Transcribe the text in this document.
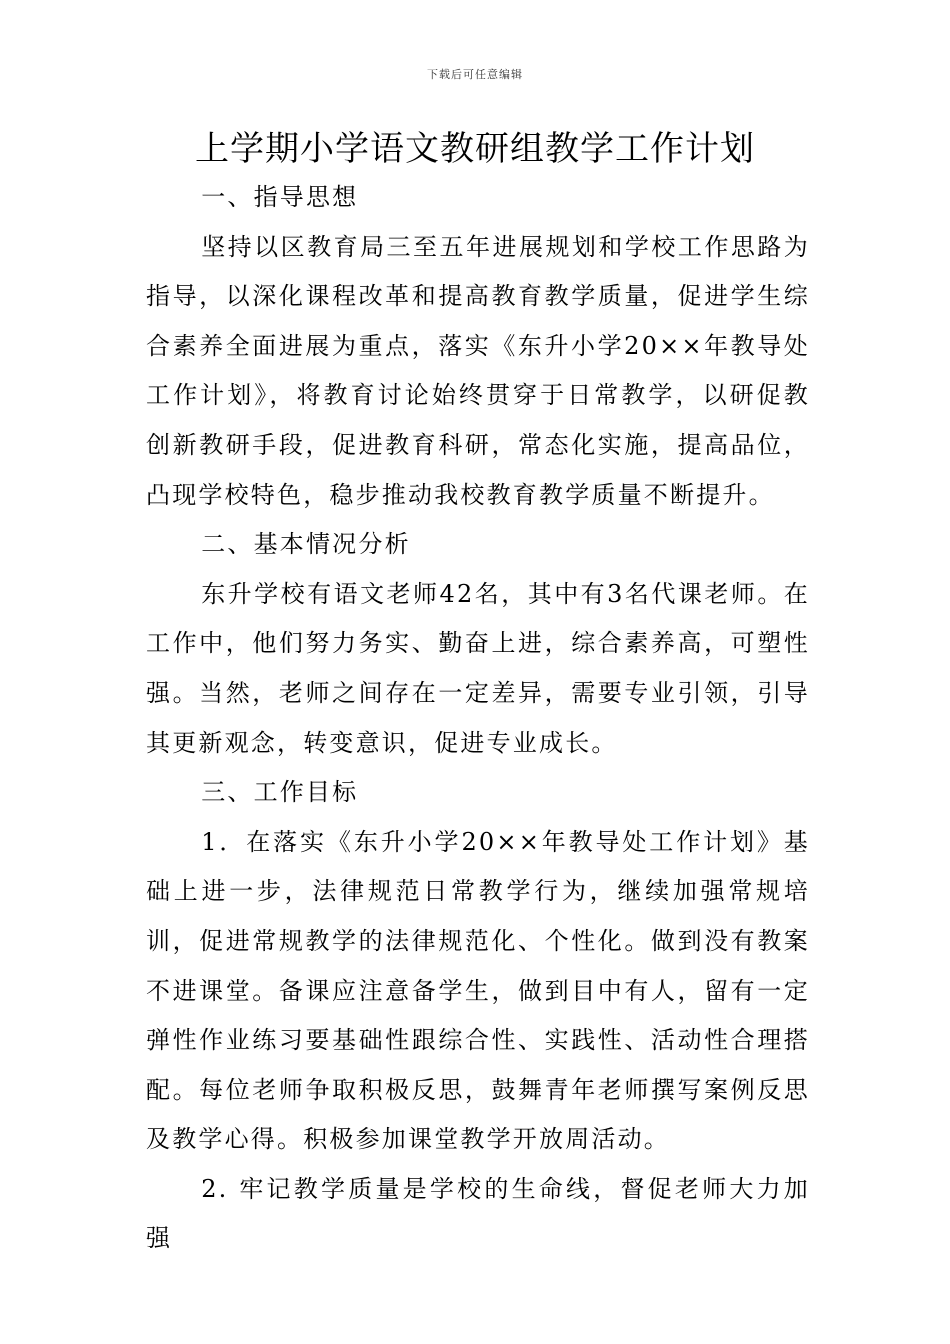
下载后可任意编辑
上学期小学语文教研组教学工作计划
一、指导思想

坚持以区教育局三至五年进展规划和学校工作思路为指导，以深化课程改革和提高教育教学质量，促进学生综合素养全面进展为重点，落实《东升小学20××年教导处工作计划》，将教育讨论始终贯穿于日常教学，以研促教创新教研手段，促进教育科研，常态化实施，提高品位，凸现学校特色，稳步推动我校教育教学质量不断提升。

二、基本情况分析

东升学校有语文老师42名，其中有3名代课老师。在工作中，他们努力务实、勤奋上进，综合素养高，可塑性强。当然，老师之间存在一定差异，需要专业引领，引导其更新观念，转变意识，促进专业成长。

三、工作目标

1．在落实《东升小学20××年教导处工作计划》基础上进一步，法律规范日常教学行为，继续加强常规培训，促进常规教学的法律规范化、个性化。做到没有教案不进课堂。备课应注意备学生，做到目中有人，留有一定弹性作业练习要基础性跟综合性、实践性、活动性合理搭配。每位老师争取积极反思，鼓舞青年老师撰写案例反思及教学心得。积极参加课堂教学开放周活动。

2. 牢记教学质量是学校的生命线，督促老师大力加强
